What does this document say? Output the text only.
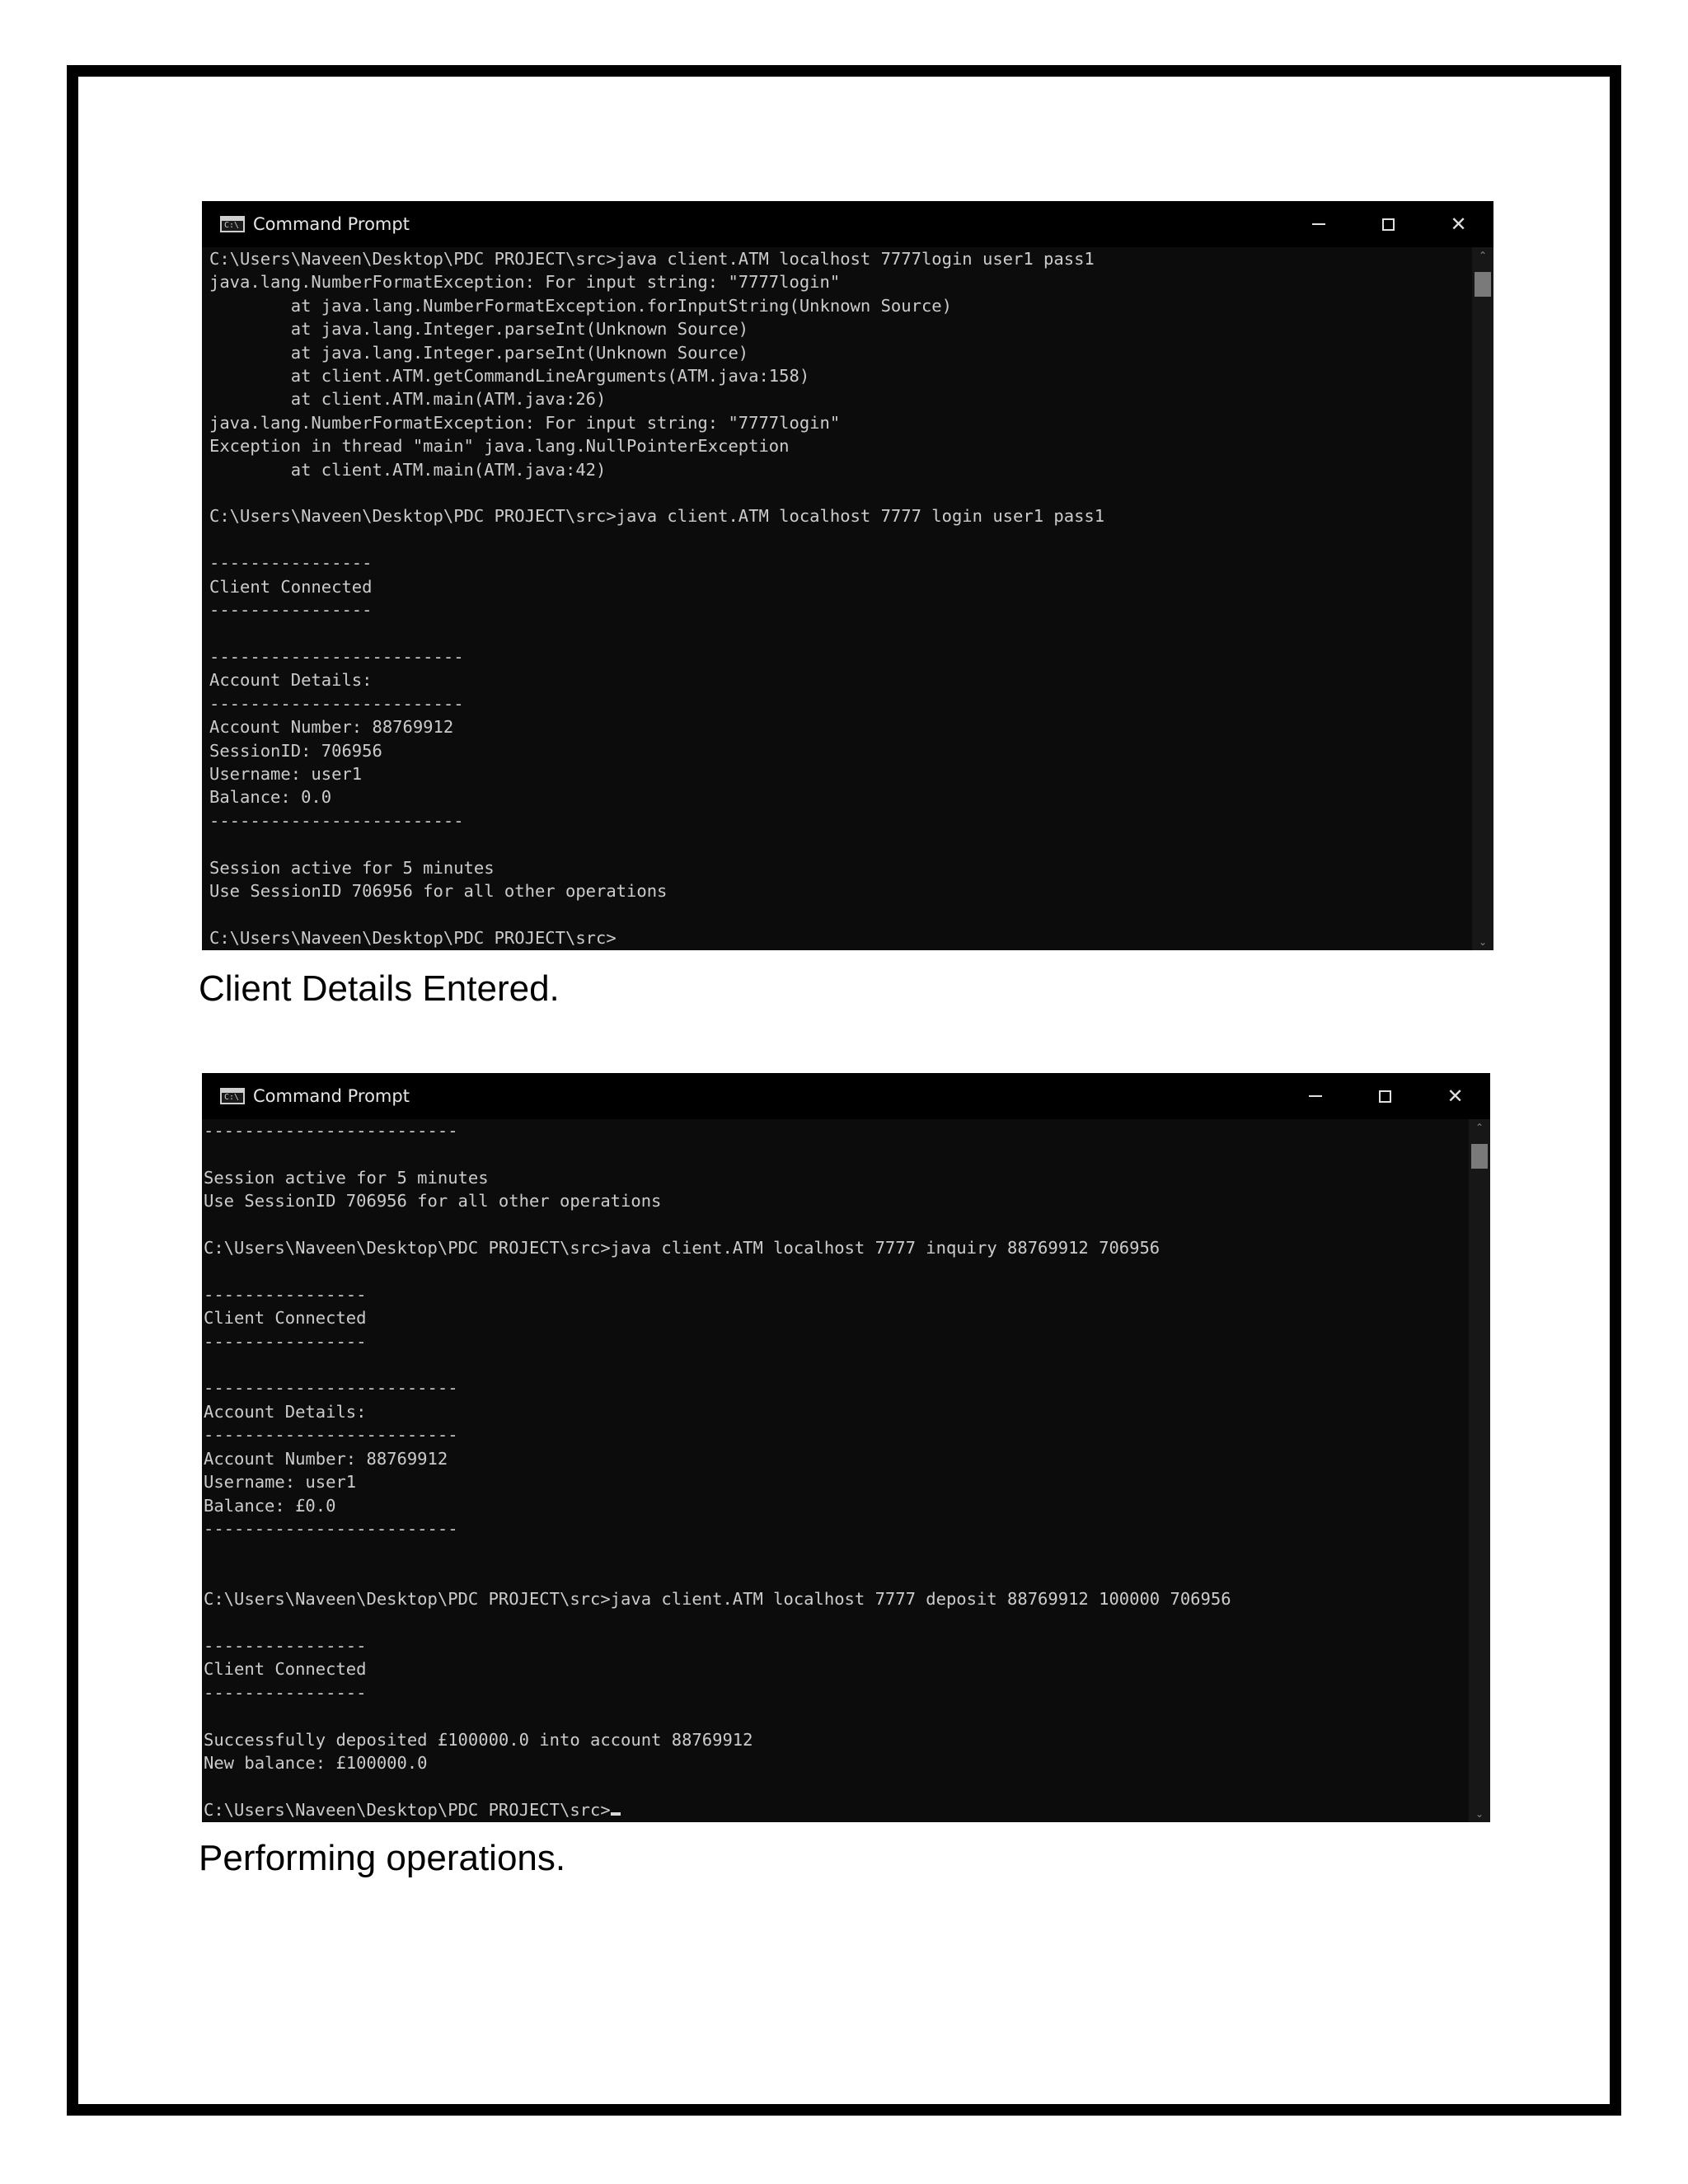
C:\ Command Prompt	✕
C:\Users\Naveen\Desktop\PDC PROJECT\src>java client.ATM localhost 7777login user1 pass1
java.lang.NumberFormatException: For input string: "7777login"
at java.lang.NumberFormatException.forInputString(Unknown Source)
at java.lang.Integer.parseInt(Unknown Source)
at java.lang.Integer.parseInt(Unknown Source)
at client.ATM.getCommandLineArguments(ATM.java:158)
at client.ATM.main(ATM.java:26)
java.lang.NumberFormatException: For input string: "7777login"
Exception in thread "main" java.lang.NullPointerException
at client.ATM.main(ATM.java:42)

C:\Users\Naveen\Desktop\PDC PROJECT\src>java client.ATM localhost 7777 login user1 pass1

----------------
Client Connected
----------------

-------------------------
Account Details:
-------------------------
Account Number: 88769912
SessionID: 706956
Username: user1
Balance: 0.0
-------------------------

Session active for 5 minutes
Use SessionID 706956 for all other operations

C:\Users\Naveen\Desktop\PDC PROJECT\src>
⌃
⌄
Client Details Entered.
C:\ Command Prompt	✕
-------------------------

Session active for 5 minutes
Use SessionID 706956 for all other operations

C:\Users\Naveen\Desktop\PDC PROJECT\src>java client.ATM localhost 7777 inquiry 88769912 706956

----------------
Client Connected
----------------

-------------------------
Account Details:
-------------------------
Account Number: 88769912
Username: user1
Balance: £0.0
-------------------------

C:\Users\Naveen\Desktop\PDC PROJECT\src>java client.ATM localhost 7777 deposit 88769912 100000 706956

----------------
Client Connected
----------------

Successfully deposited £100000.0 into account 88769912
New balance: £100000.0

C:\Users\Naveen\Desktop\PDC PROJECT\src>
⌃
⌄
Performing operations.
